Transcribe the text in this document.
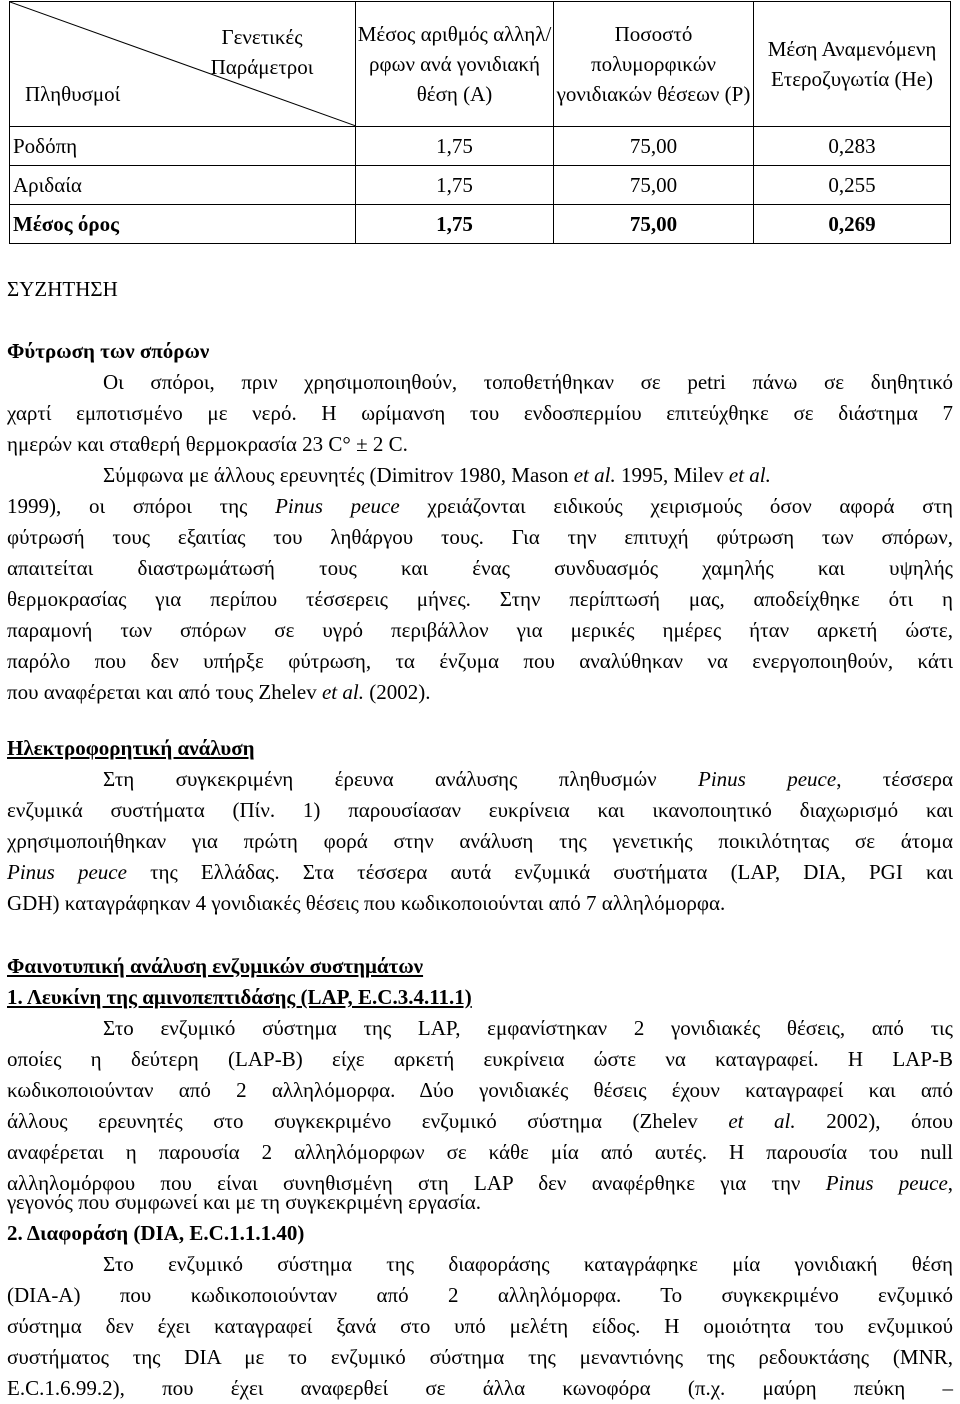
Γενετικές Παράμετροι
Πληθυσμοί	Μέσος αριθμός αλληλ/ρφων ανά γονιδιακή θέση (A)	Ποσοστό πολυμορφικών γονιδιακών θέσεων (P)	Μέση Αναμενόμενη Ετεροζυγωτία (He)
Ροδόπη	1,75	75,00	0,283
Αριδαία	1,75	75,00	0,255
Μέσος όρος	1,75	75,00	0,269
ΣΥΖΗΤΗΣΗ
Φύτρωση των σπόρων
Οι σπόροι, πριν χρησιμοποιηθούν, τοποθετήθηκαν σε petri πάνω σε διηθητικό
χαρτί εμποτισμένο με νερό. Η ωρίμανση του ενδοσπερμίου επιτεύχθηκε σε διάστημα 7
ημερών και σταθερή θερμοκρασία 23 C° ± 2 C.
Σύμφωνα με άλλους ερευνητές (Dimitrov 1980, Mason et al. 1995, Milev et al.
1999), οι σπόροι της Pinus peuce χρειάζονται ειδικούς χειρισμούς όσον αφορά στη
φύτρωσή τους εξαιτίας του ληθάργου τους. Για την επιτυχή φύτρωση των σπόρων,
απαιτείται διαστρωμάτωσή τους και ένας συνδυασμός χαμηλής και υψηλής
θερμοκρασίας για περίπου τέσσερεις μήνες. Στην περίπτωσή μας, αποδείχθηκε ότι η
παραμονή των σπόρων σε υγρό περιβάλλον για μερικές ημέρες ήταν αρκετή ώστε,
παρόλο που δεν υπήρξε φύτρωση, τα ένζυμα που αναλύθηκαν να ενεργοποιηθούν, κάτι
που αναφέρεται και από τους Zhelev et al. (2002).
Ηλεκτροφορητική ανάλυση
Στη συγκεκριμένη έρευνα ανάλυσης πληθυσμών Pinus peuce, τέσσερα
ενζυμικά συστήματα (Πίν. 1) παρουσίασαν ευκρίνεια και ικανοποιητικό διαχωρισμό και
χρησιμοποιήθηκαν για πρώτη φορά στην ανάλυση της γενετικής ποικιλότητας σε άτομα
Pinus peuce της Ελλάδας. Στα τέσσερα αυτά ενζυμικά συστήματα (LAP, DIA, PGI και
GDH) καταγράφηκαν 4 γονιδιακές θέσεις που κωδικοποιούνται από 7 αλληλόμορφα.
Φαινοτυπική ανάλυση ενζυμικών συστημάτων
1. Λευκίνη της αμινοπεπτιδάσης (LAP, E.C.3.4.11.1)
Στο ενζυμικό σύστημα της LAP, εμφανίστηκαν 2 γονιδιακές θέσεις, από τις
οποίες η δεύτερη (LAP-B) είχε αρκετή ευκρίνεια ώστε να καταγραφεί. Η LAP-B
κωδικοποιούνταν από 2 αλληλόμορφα. Δύο γονιδιακές θέσεις έχουν καταγραφεί και από
άλλους ερευνητές στο συγκεκριμένο ενζυμικό σύστημα (Zhelev et al. 2002), όπου
αναφέρεται η παρουσία 2 αλληλόμορφων σε κάθε μία από αυτές. Η παρουσία του null
αλληλομόρφου που είναι συνηθισμένη στη LAP δεν αναφέρθηκε για την Pinus peuce,
γεγονός που συμφωνεί και με τη συγκεκριμένη εργασία.
2. Διαφοράση (DIA, E.C.1.1.1.40)
Στο ενζυμικό σύστημα της διαφοράσης καταγράφηκε μία γονιδιακή θέση
(DIA-A) που κωδικοποιούνταν από 2 αλληλόμορφα. Το συγκεκριμένο ενζυμικό
σύστημα δεν έχει καταγραφεί ξανά στο υπό μελέτη είδος. Η ομοιότητα του ενζυμικού
συστήματος της DIA με το ενζυμικό σύστημα της μεναντιόνης της ρεδουκτάσης (MNR,
E.C.1.6.99.2), που έχει αναφερθεί σε άλλα κωνοφόρα (π.χ. μαύρη πεύκη –
